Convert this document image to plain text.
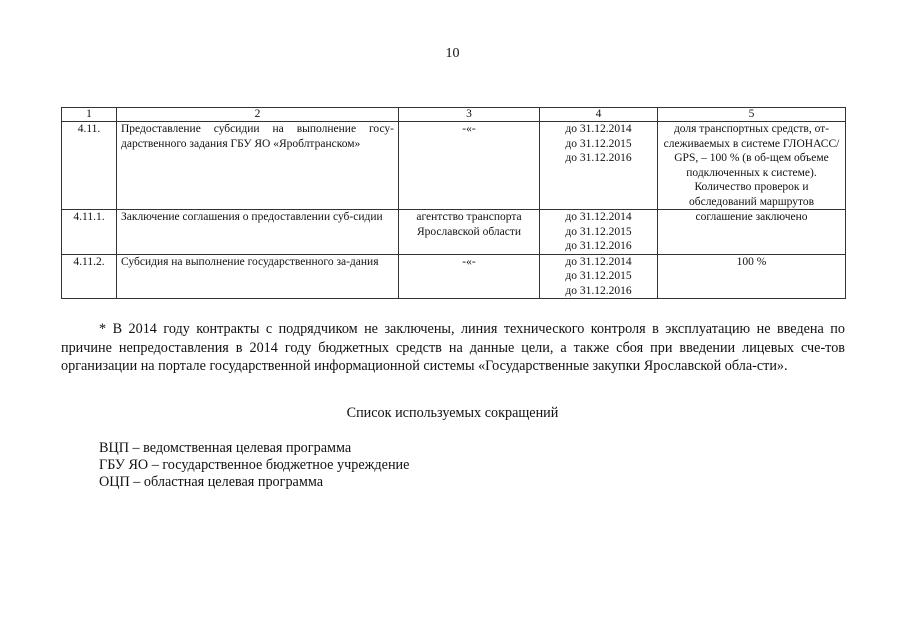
10
1	2	3	4	5
4.11.	Предоставление субсидии на выполнение госу-дарственного задания ГБУ ЯО «Яроблтранском»	-«-	до 31.12.2014
до 31.12.2015
до 31.12.2016	доля транспортных средств, от-слеживаемых в системе ГЛОНАСС/ GPS, – 100 % (в об-щем объеме подключенных к системе). Количество проверок и обследований маршрутов
4.11.1.	Заключение соглашения о предоставлении суб-сидии	агентство транспорта Ярославской области	до 31.12.2014
до 31.12.2015
до 31.12.2016	соглашение заключено
4.11.2.	Субсидия на выполнение государственного за-дания	-«-	до 31.12.2014
до 31.12.2015
до 31.12.2016	100 %

* В 2014 году контракты с подрядчиком не заключены, линия технического контроля в эксплуатацию не введена по причине непредоставления в 2014 году бюджетных средств на данные цели, а также сбоя при введении лицевых сче-тов организации на портале государственной информационной системы «Государственные закупки Ярославской обла-сти».

Список используемых сокращений

ВЦП – ведомственная целевая программа
ГБУ ЯО – государственное бюджетное учреждение
ОЦП – областная целевая программа
